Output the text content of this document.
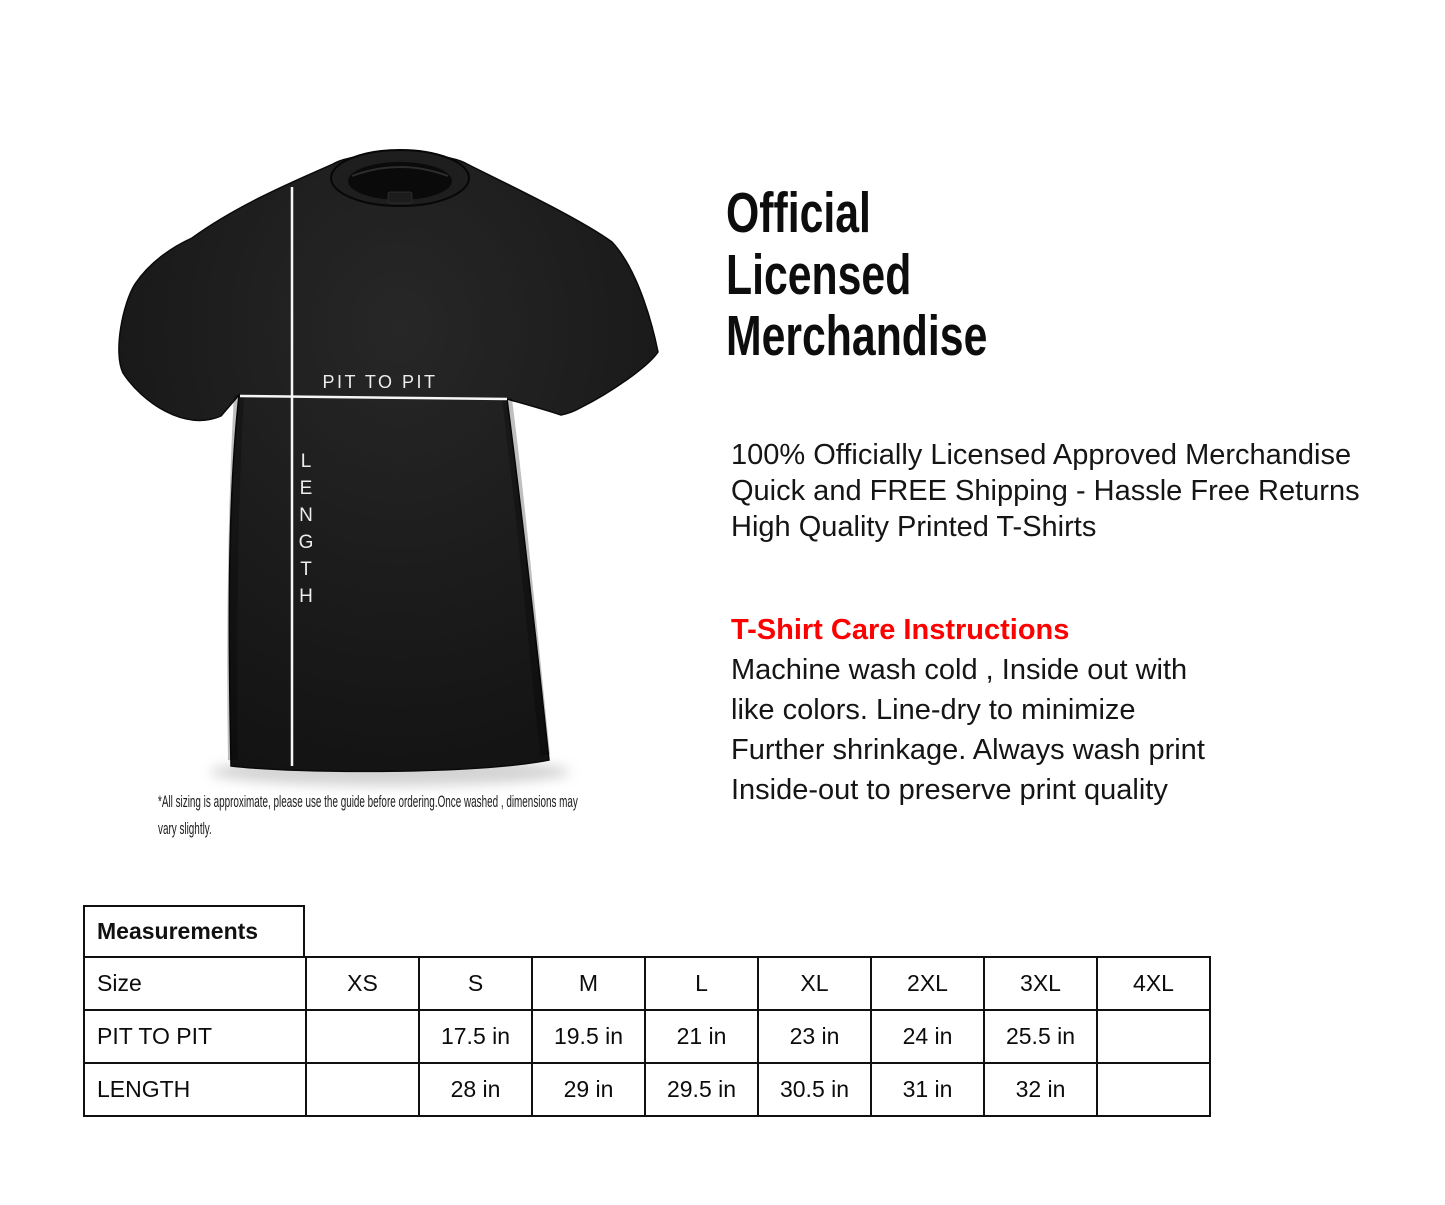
PIT TO PIT
L
E
N
G
T
H
Official
Licensed
Merchandise
100% Officially Licensed Approved Merchandise
Quick and FREE Shipping - Hassle Free Returns
High Quality Printed T-Shirts
T-Shirt Care Instructions
Machine wash cold , Inside out with
like colors. Line-dry to minimize
Further shrinkage. Always wash print
Inside-out to preserve print quality
*All sizing is approximate, please use the guide before ordering.Once washed , dimensions may
vary slightly.
Measurements
Size	XS	S	M	L	XL	2XL	3XL	4XL
PIT TO PIT		17.5 in	19.5 in	21 in	23 in	24 in	25.5 in	
LENGTH		28 in	29 in	29.5 in	30.5 in	31 in	32 in	
